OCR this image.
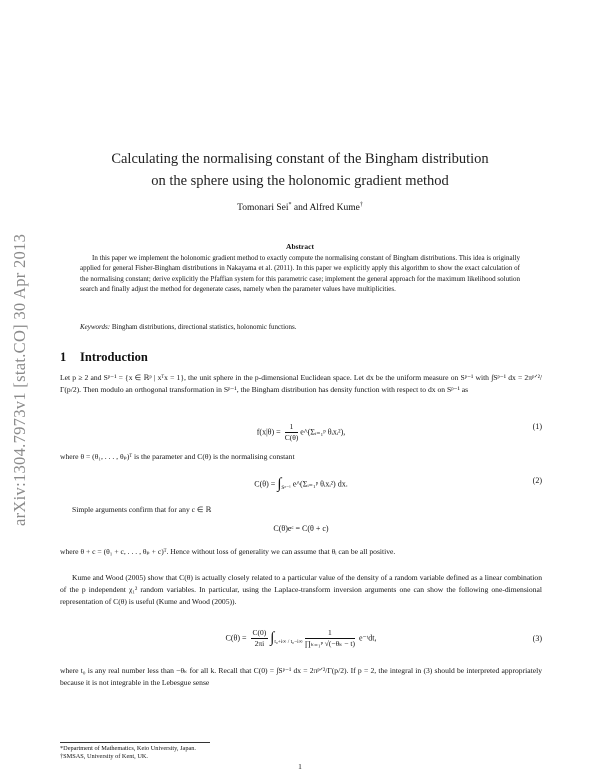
arXiv:1304.7973v1 [stat.CO] 30 Apr 2013
Calculating the normalising constant of the Bingham distribution
on the sphere using the holonomic gradient method
Tomonari Sei* and Alfred Kume†
Abstract
In this paper we implement the holonomic gradient method to exactly compute the normalising constant of Bingham distributions. This idea is originally applied for general Fisher-Bingham distributions in Nakayama et al. (2011). In this paper we explicitly apply this algorithm to show the exact calculation of the normalising constant; derive explicitly the Pfaffian system for this parametric case; implement the general approach for the maximum likelihood solution search and finally adjust the method for degenerate cases, namely when the parameter values have multiplicities.
Keywords: Bingham distributions, directional statistics, holonomic functions.
1 Introduction
Let p ≥ 2 and Sᵖ⁻¹ = {x ∈ ℝᵖ | xᵀx = 1}, the unit sphere in the p-dimensional Euclidean space. Let dx be the uniform measure on Sᵖ⁻¹ with ∫Sᵖ⁻¹ dx = 2πᵖᐟ²/Γ(p/2). Then modulo an orthogonal transformation in Sᵖ⁻¹, the Bingham distribution has density function with respect to dx on Sᵖ⁻¹ as
$f(x|\theta) = \frac{1}{C(\theta)}$ e^(Σᵢ₌₁ᵖ θᵢxᵢ²),
(1)
where θ = (θ₁, . . . , θₚ)ᵀ is the parameter and C(θ) is the normalising constant
$C(\theta) = \int_{Sᵖ^{-1}}$ e^(Σᵢ₌₁ᵖ θᵢxᵢ²) dx.	(2)
Simple arguments confirm that for any c ∈ ℝ
C(θ)eᶜ = C(θ + c)
where θ + c = (θ₁ + c, . . . , θₚ + c)ᵀ. Hence without loss of generality we can assume that θᵢ can be all positive.
Kume and Wood (2005) show that C(θ) is actually closely related to a particular value of the density of a random variable defined as a linear combination of the p independent χ₁² random variables. In particular, using the Laplace-transform inversion arguments one can show the following one-dimensional representation of C(θ) is useful (Kume and Wood (2005)).
$C(\theta) = \frac{C(0)}{2\pi i} \int_{t_0+i\infty / t_0-i\infty} \frac{1}{\text{∏ₖ₌₁ᵖ √(−θₖ − t)}}$ e⁻ᵗdt,	(3)
where t₀ is any real number less than −θₖ for all k. Recall that C(0) = ∫Sᵖ⁻¹ dx = 2πᵖᐟ²/Γ(p/2). If p = 2, the integral in (3) should be interpreted appropriately because it is not integrable in the Lebesgue sense
*Department of Mathematics, Keio University, Japan.
†SMSAS, University of Kent, UK.
1
